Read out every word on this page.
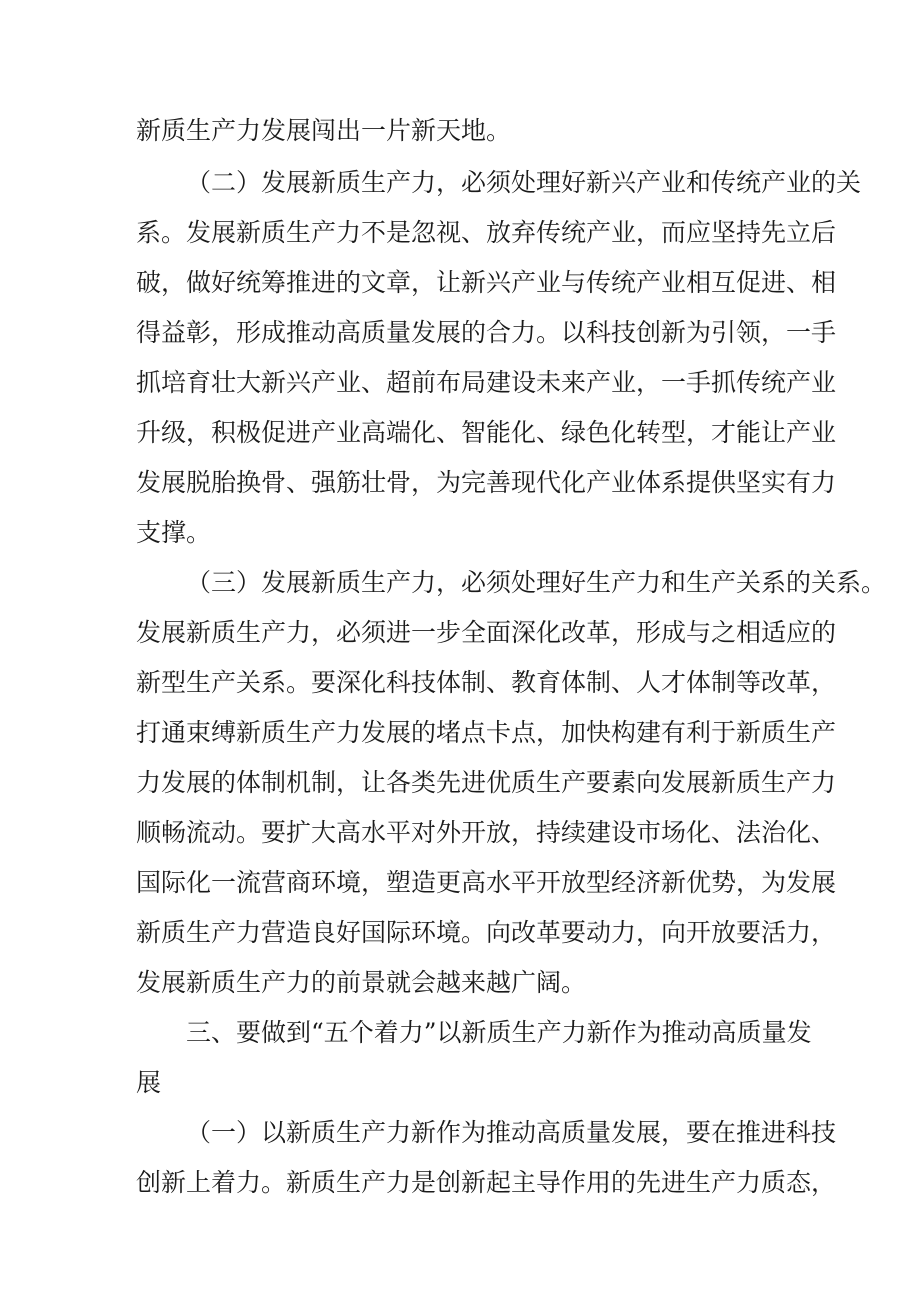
新质生产力发展闯出一片新天地。
（二）发展新质生产力，必须处理好新兴产业和传统产业的关
系。发展新质生产力不是忽视、放弃传统产业，而应坚持先立后
破，做好统筹推进的文章，让新兴产业与传统产业相互促进、相
得益彰，形成推动高质量发展的合力。以科技创新为引领，一手
抓培育壮大新兴产业、超前布局建设未来产业，一手抓传统产业
升级，积极促进产业高端化、智能化、绿色化转型，才能让产业
发展脱胎换骨、强筋壮骨，为完善现代化产业体系提供坚实有力
支撑。
（三）发展新质生产力，必须处理好生产力和生产关系的关系。
发展新质生产力，必须进一步全面深化改革，形成与之相适应的
新型生产关系。要深化科技体制、教育体制、人才体制等改革，
打通束缚新质生产力发展的堵点卡点，加快构建有利于新质生产
力发展的体制机制，让各类先进优质生产要素向发展新质生产力
顺畅流动。要扩大高水平对外开放，持续建设市场化、法治化、
国际化一流营商环境，塑造更高水平开放型经济新优势，为发展
新质生产力营造良好国际环境。向改革要动力，向开放要活力，
发展新质生产力的前景就会越来越广阔。
三、要做到“五个着力”以新质生产力新作为推动高质量发
展
（一）以新质生产力新作为推动高质量发展，要在推进科技
创新上着力。新质生产力是创新起主导作用的先进生产力质态，
